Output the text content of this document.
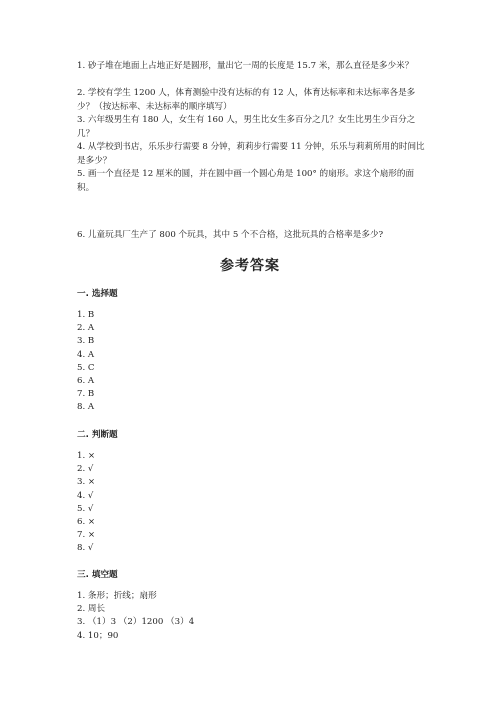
1. 砂子堆在地面上占地正好是圆形，量出它一周的长度是 15.7 米，那么直径是多少米？
2. 学校有学生 1200 人，体育测验中没有达标的有 12 人，体育达标率和未达标率各是多少？（按达标率、未达标率的顺序填写）
3. 六年级男生有 180 人，女生有 160 人，男生比女生多百分之几？女生比男生少百分之几？
4. 从学校到书店，乐乐步行需要 8 分钟，莉莉步行需要 11 分钟，乐乐与莉莉所用的时间比是多少？
5. 画一个直径是 12 厘米的圆，并在圆中画一个圆心角是 100° 的扇形。求这个扇形的面积。
6. 儿童玩具厂生产了 800 个玩具，其中 5 个不合格，这批玩具的合格率是多少?
参考答案
一. 选择题
1. B
2. A
3. B
4. A
5. C
6. A
7. B
8. A
二. 判断题
1. ×
2. √
3. ×
4. √
5. √
6. ×
7. ×
8. √
三. 填空题
1. 条形；折线；扇形
2. 周长
3. （1）3 （2）1200 （3）4
4. 10；90
